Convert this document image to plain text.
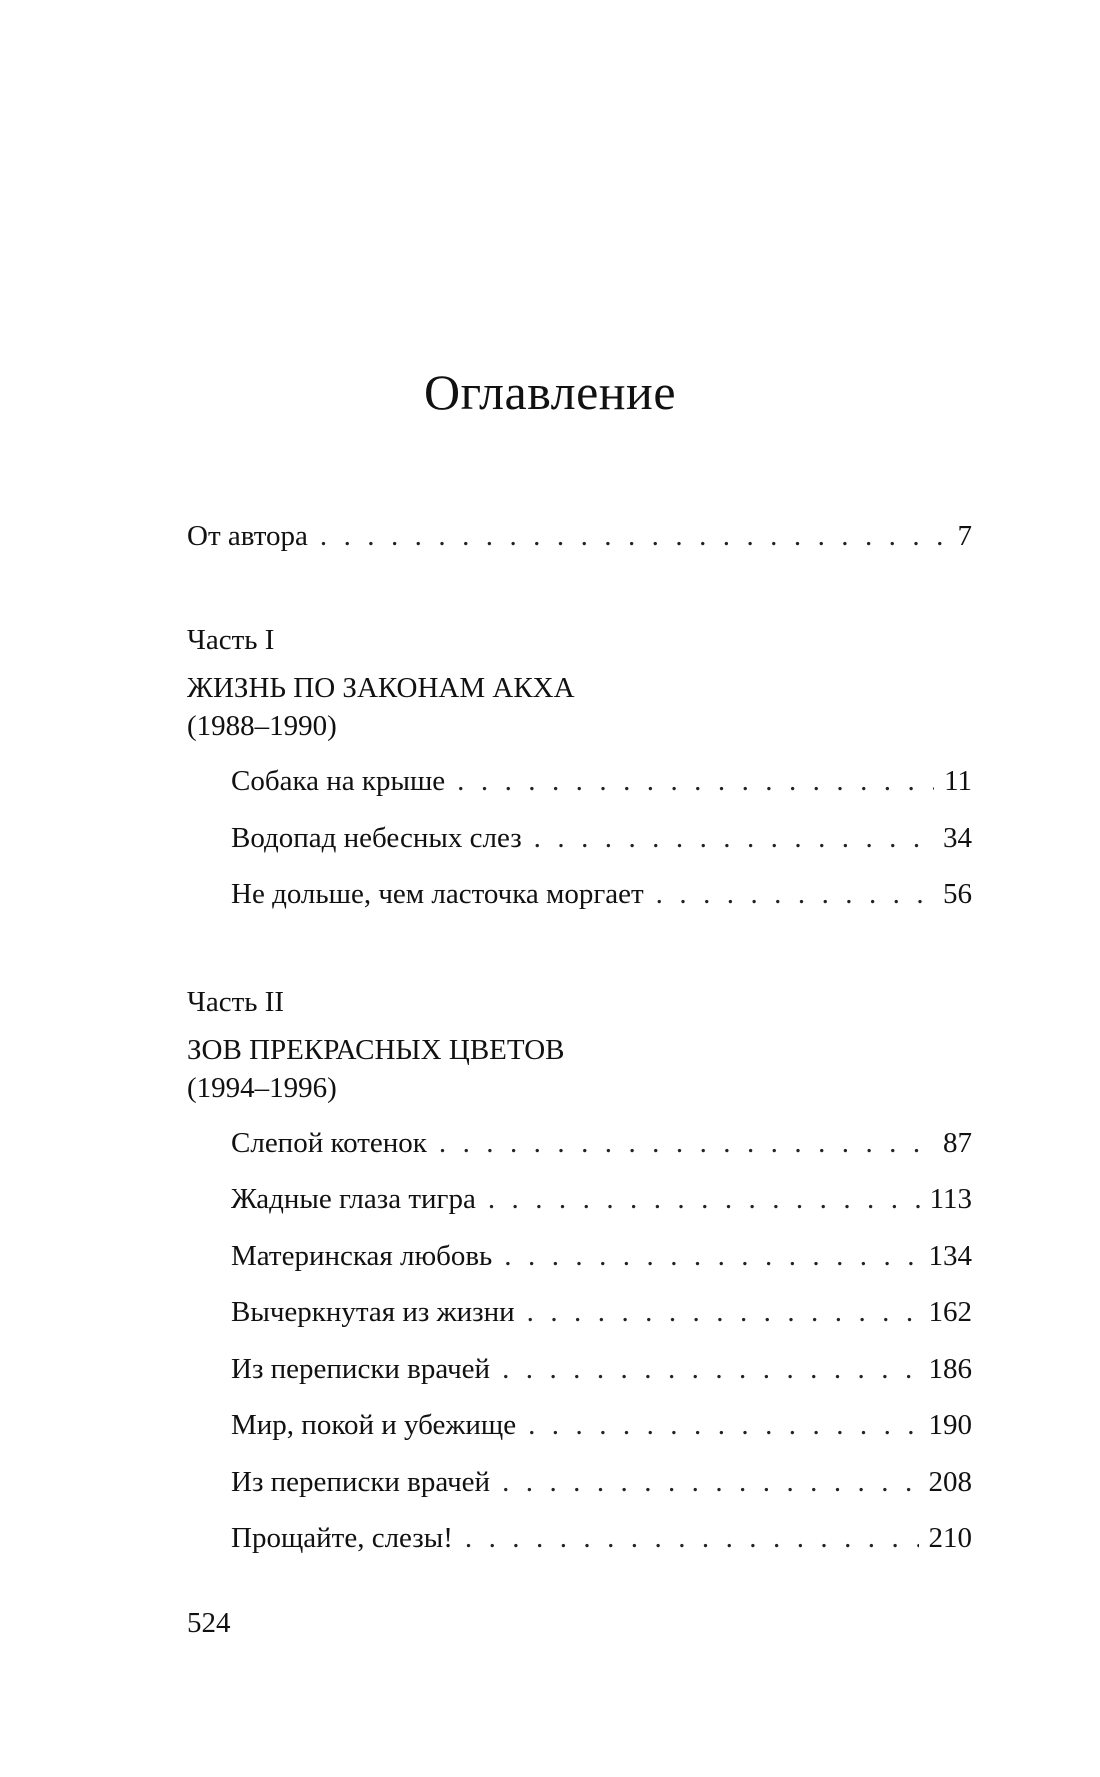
Оглавление
От автора . . .	7
Часть I
ЖИЗНЬ ПО ЗАКОНАМ АКХА
(1988–1990)
Собака на крыше . . .	11
Водопад небесных слез . . .	34
Не дольше, чем ласточка моргает . . .	56
Часть II
ЗОВ ПРЕКРАСНЫХ ЦВЕТОВ
(1994–1996)
Слепой котенок . . .	87
Жадные глаза тигра . . .	113
Материнская любовь . . .	134
Вычеркнутая из жизни . . .	162
Из переписки врачей . . .	186
Мир, покой и убежище . . .	190
Из переписки врачей . . .	208
Прощайте, слезы! . . .	210
524
